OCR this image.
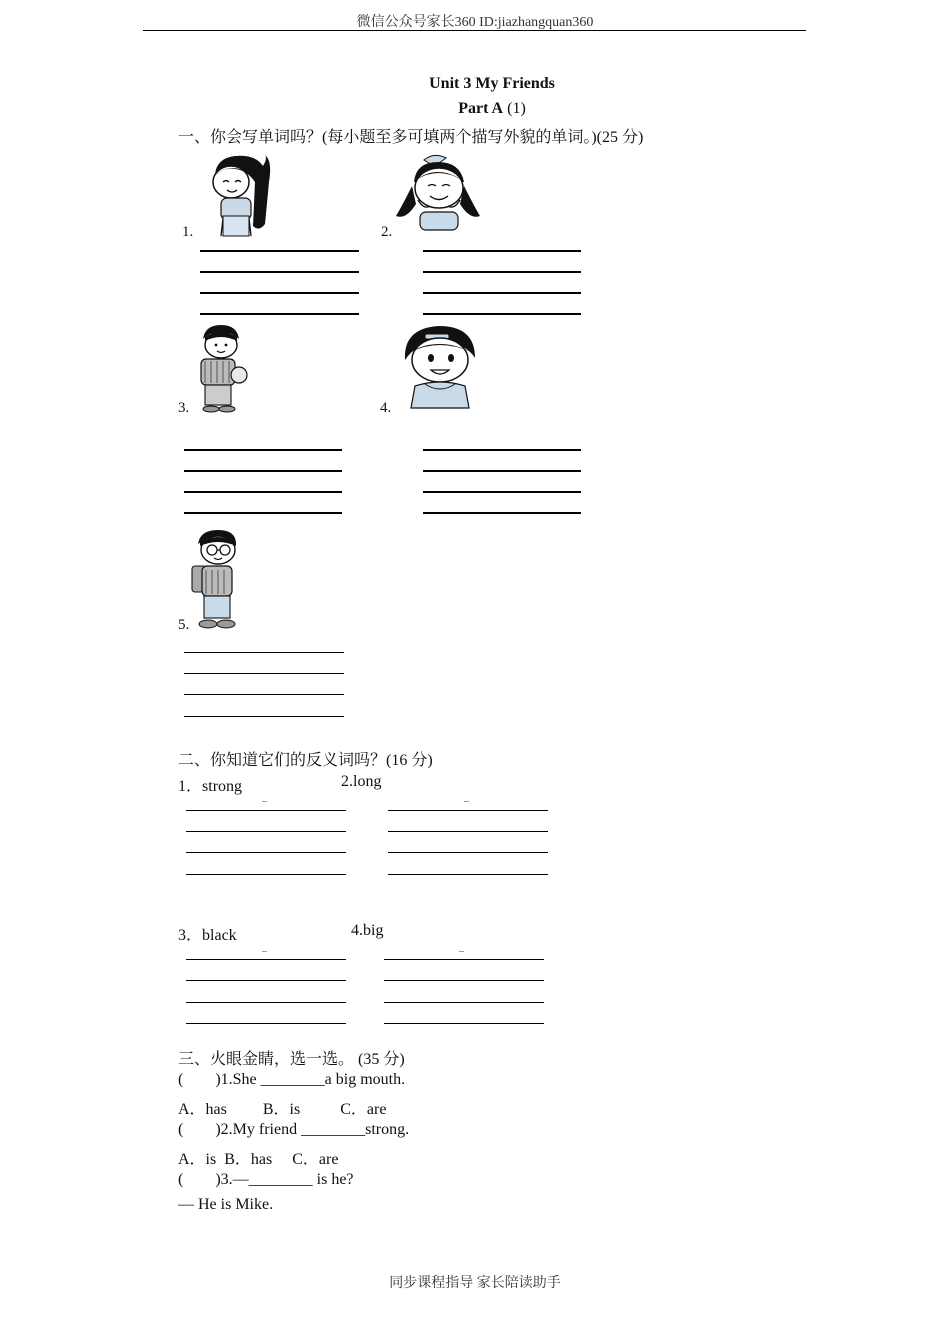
微信公众号家长360 ID:jiazhangquan360
Unit 3 My Friends
Part A (1)
一、你会写单词吗？(每小题至多可填两个描写外貌的单词。)(25 分)
1.	2.
3.	4.
5.
二、你知道它们的反义词吗？(16 分)
1．strong	2.long
–	–
3．black	4.big
–	–
三、火眼金睛，选一选。 (35 分)
(        )1.She ________a big mouth.
A．has         B．is          C．are
(        )2.My friend ________strong.
A．is  B．has     C．are
(        )3.—________ is he?
— He is Mike.
同步课程指导 家长陪读助手
